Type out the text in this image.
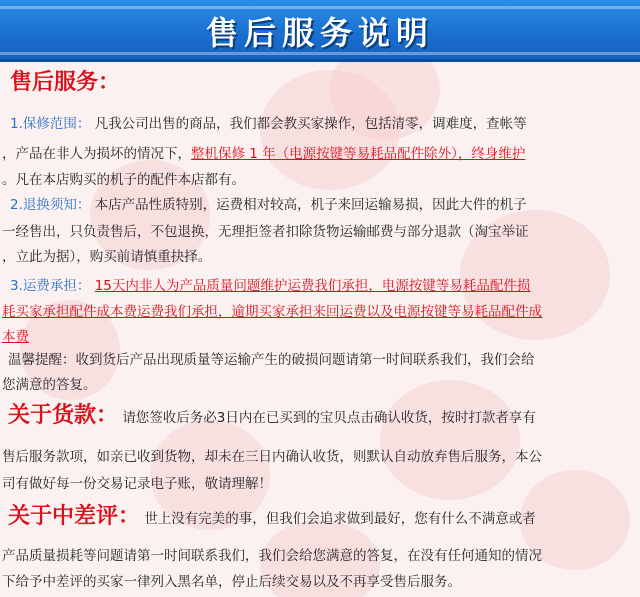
售后服务说明
售后服务：
1.保修范围： 凡我公司出售的商品，我们都会教买家操作，包括清零，调难度，查帐等
，产品在非人为损坏的情况下，整机保修 1 年（电源按键等易耗品配件除外），终身维护
。凡在本店购买的机子的配件本店都有。
2.退换须知： 本店产品性质特别，运费相对较高，机子来回运输易损，因此大件的机子
一经售出，只负责售后，不包退换，无理拒签者扣除货物运输邮费与部分退款（淘宝举证
，立此为据），购买前请慎重抉择。
3.运费承担： 15天内非人为产品质量问题维护运费我们承担，电源按键等易耗品配件损
耗买家承担配件成本费运费我们承担，逾期买家承担来回运费以及电源按键等易耗品配件成
本费
温馨提醒：收到货后产品出现质量等运输产生的破损问题请第一时间联系我们，我们会给
您满意的答复。
关于货款： 请您签收后务必3日内在已买到的宝贝点击确认收货，按时打款者享有
售后服务款项，如亲已收到货物，却未在三日内确认收货，则默认自动放弃售后服务，本公
司有做好每一份交易记录电子账，敬请理解！
关于中差评： 世上没有完美的事，但我们会追求做到最好，您有什么不满意或者
产品质量损耗等问题请第一时间联系我们，我们会给您满意的答复，在没有任何通知的情况
下给予中差评的买家一律列入黑名单，停止后续交易以及不再享受售后服务。
